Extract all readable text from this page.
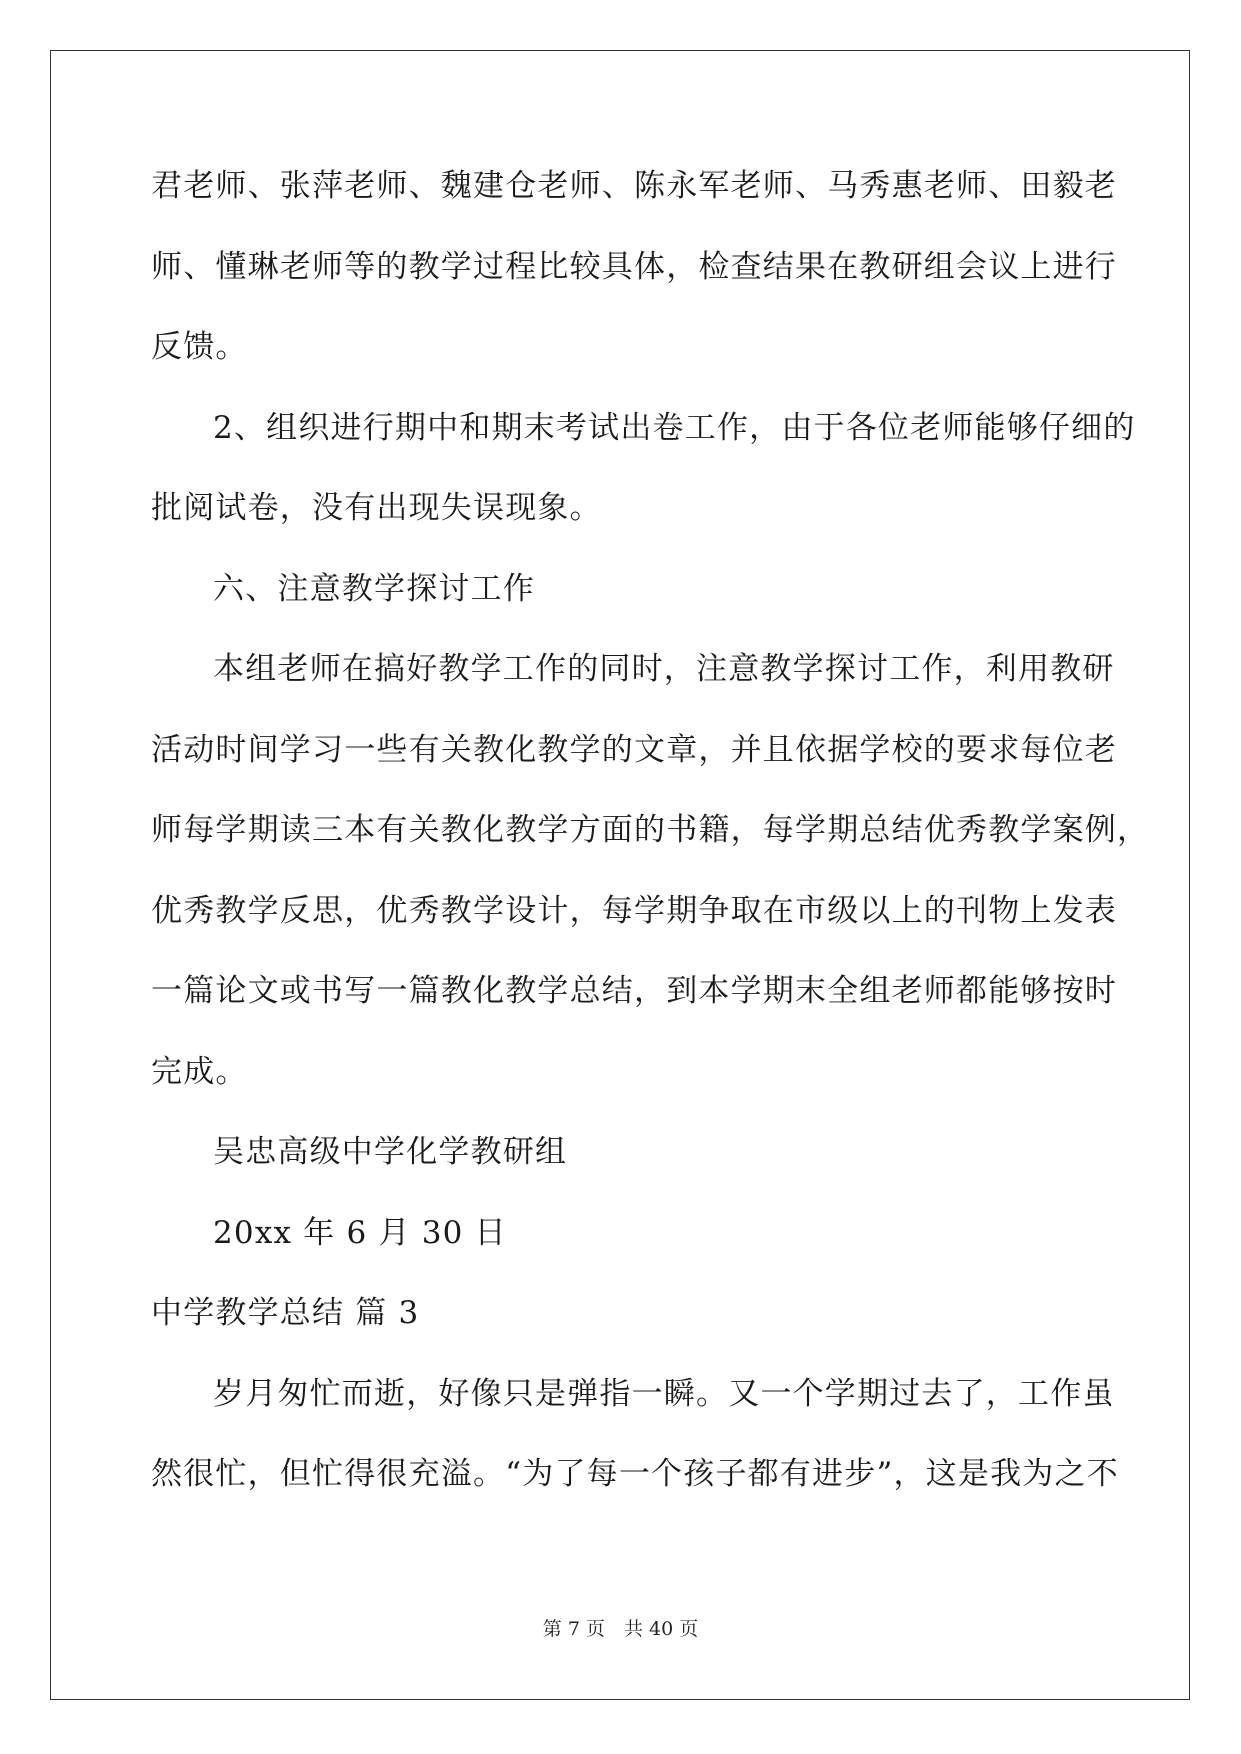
君老师、张萍老师、魏建仓老师、陈永军老师、马秀惠老师、田毅老
师、懂琳老师等的教学过程比较具体，检查结果在教研组会议上进行
反馈。
2、组织进行期中和期末考试出卷工作，由于各位老师能够仔细的
批阅试卷，没有出现失误现象。
六、注意教学探讨工作
本组老师在搞好教学工作的同时，注意教学探讨工作，利用教研
活动时间学习一些有关教化教学的文章，并且依据学校的要求每位老
师每学期读三本有关教化教学方面的书籍，每学期总结优秀教学案例，
优秀教学反思，优秀教学设计，每学期争取在市级以上的刊物上发表
一篇论文或书写一篇教化教学总结，到本学期末全组老师都能够按时
完成。
吴忠高级中学化学教研组
20xx 年 6 月 30 日
中学教学总结 篇 3
岁月匆忙而逝，好像只是弹指一瞬。又一个学期过去了，工作虽
然很忙，但忙得很充溢。“为了每一个孩子都有进步”，这是我为之不
第 7 页　共 40 页
